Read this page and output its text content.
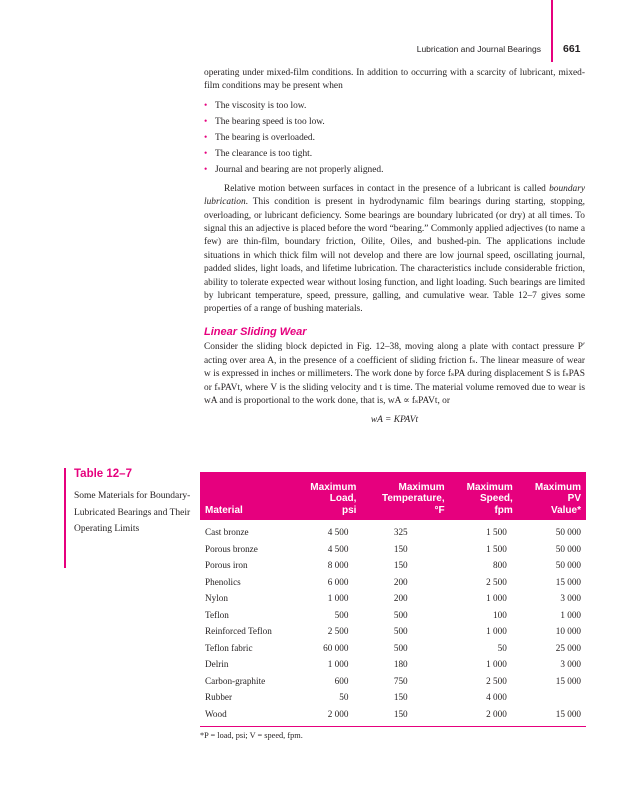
Lubrication and Journal Bearings 661

operating under mixed-film conditions. In addition to occurring with a scarcity of lubricant, mixed-film conditions may be present when

• The viscosity is too low.
• The bearing speed is too low.
• The bearing is overloaded.
• The clearance is too tight.
• Journal and bearing are not properly aligned.

Relative motion between surfaces in contact in the presence of a lubricant is called boundary lubrication. This condition is present in hydrodynamic film bearings during starting, stopping, overloading, or lubricant deficiency. Some bearings are boundary lubricated (or dry) at all times. To signal this an adjective is placed before the word “bearing.” Commonly applied adjectives (to name a few) are thin-film, boundary friction, Oilite, Oiles, and bushed-pin. The applications include situations in which thick film will not develop and there are low journal speed, oscillating journal, padded slides, light loads, and lifetime lubrication. The characteristics include considerable friction, ability to tolerate expected wear without losing function, and light loading. Such bearings are limited by lubricant temperature, speed, pressure, galling, and cumulative wear. Table 12–7 gives some properties of a range of bushing materials.

Linear Sliding Wear

Consider the sliding block depicted in Fig. 12–38, moving along a plate with contact pressure P′ acting over area A, in the presence of a coefficient of sliding friction fₛ. The linear measure of wear w is expressed in inches or millimeters. The work done by force fₛPA during displacement S is fₛPAS or fₛPAVt, where V is the sliding velocity and t is time. The material volume removed due to wear is wA and is proportional to the work done, that is, wA ∝ fₛPAVt, or

wA = KPAVt
Table 12–7
Some Materials for Boundary-Lubricated Bearings and Their Operating Limits
Material	Maximum
Load,
psi	Maximum
Temperature,
°F	Maximum
Speed,
fpm	Maximum
PV
Value*
Cast bronze	4 500	325	1 500	50 000
Porous bronze	4 500	150	1 500	50 000
Porous iron	8 000	150	800	50 000
Phenolics	6 000	200	2 500	15 000
Nylon	1 000	200	1 000	3 000
Teflon	500	500	100	1 000
Reinforced Teflon	2 500	500	1 000	10 000
Teflon fabric	60 000	500	50	25 000
Delrin	1 000	180	1 000	3 000
Carbon-graphite	600	750	2 500	15 000
Rubber	50	150	4 000	
Wood	2 000	150	2 000	15 000
*P = load, psi; V = speed, fpm.
